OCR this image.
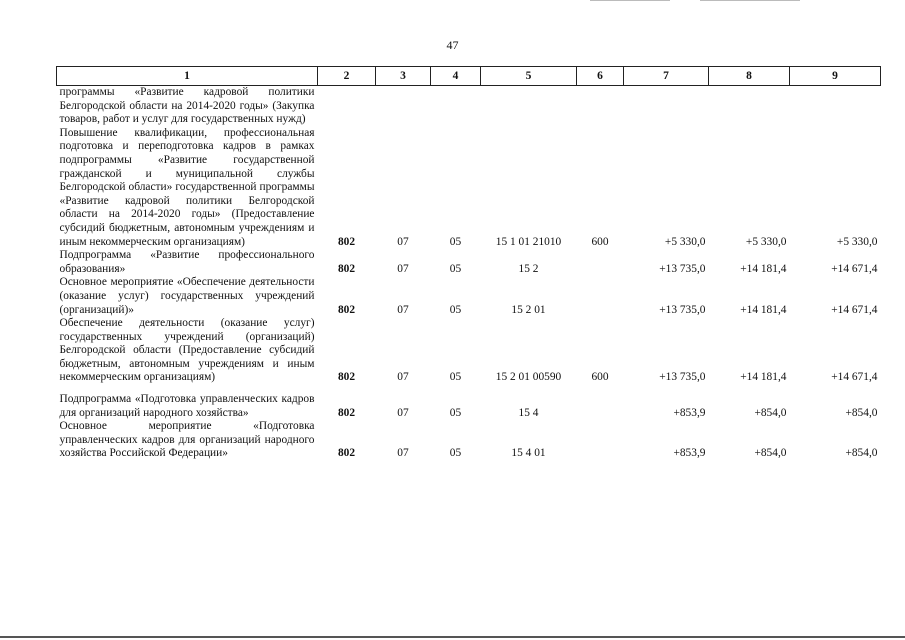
47
1	2	3	4	5	6	7	8	9
программы «Развитие кадровой политики Белгородской области на 2014-2020 годы» (Закупка товаров, работ и услуг для государственных нужд)								
Повышение квалификации, профессиональная подготовка и переподготовка кадров в рамках подпрограммы «Развитие государственной гражданской и муниципальной службы Белгородской области» государственной программы «Развитие кадровой политики Белгородской области на 2014-2020 годы» (Предоставление субсидий бюджетным, автономным учреждениям и иным некоммерческим организациям)	802	07	05	15 1 01 21010	600	+5 330,0	+5 330,0	+5 330,0
Подпрограмма «Развитие профессионального образования»	802	07	05	15 2		+13 735,0	+14 181,4	+14 671,4
Основное мероприятие «Обеспечение деятельности (оказание услуг) государственных учреждений (организаций)»	802	07	05	15 2 01		+13 735,0	+14 181,4	+14 671,4
Обеспечение деятельности (оказание услуг) государственных учреждений (организаций) Белгородской области (Предоставление субсидий бюджетным, автономным учреждениям и иным некоммерческим организациям)	802	07	05	15 2 01 00590	600	+13 735,0	+14 181,4	+14 671,4

Подпрограмма «Подготовка управленческих кадров для организаций народного хозяйства»	802	07	05	15 4		+853,9	+854,0	+854,0
Основное мероприятие «Подготовка управленческих кадров для организаций народного хозяйства Российской Федерации»	802	07	05	15 4 01		+853,9	+854,0	+854,0
